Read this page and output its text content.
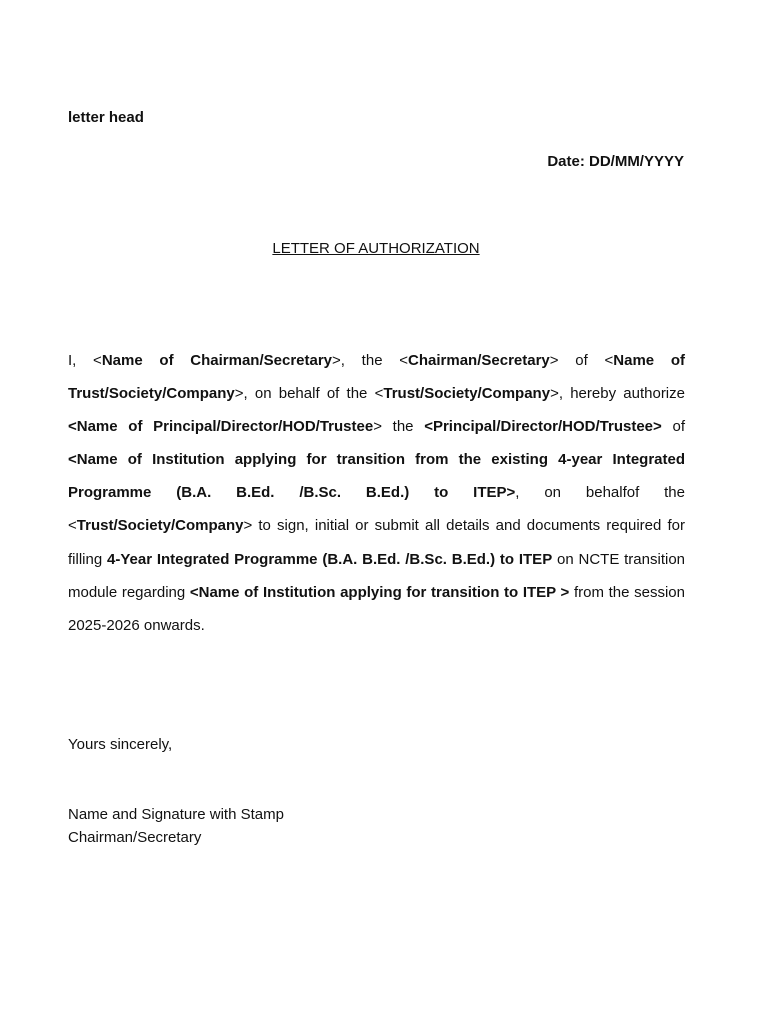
letter head
Date: DD/MM/YYYY
LETTER OF AUTHORIZATION

I, <Name of Chairman/Secretary>, the <Chairman/Secretary> of <Name of Trust/Society/Company>, on behalf of the <Trust/Society/Company>, hereby authorize <Name of Principal/Director/HOD/Trustee> the <Principal/Director/HOD/Trustee> of <Name of Institution applying for transition from the existing 4-year Integrated Programme (B.A. B.Ed. /B.Sc. B.Ed.) to ITEP>, on behalfof the <Trust/Society/Company> to sign, initial or submit all details and documents required for filling 4-Year Integrated Programme (B.A. B.Ed. /B.Sc. B.Ed.) to ITEP on NCTE transition module regarding <Name of Institution applying for transition to ITEP > from the session 2025-2026 onwards.

Yours sincerely,
Name and Signature with Stamp
Chairman/Secretary
